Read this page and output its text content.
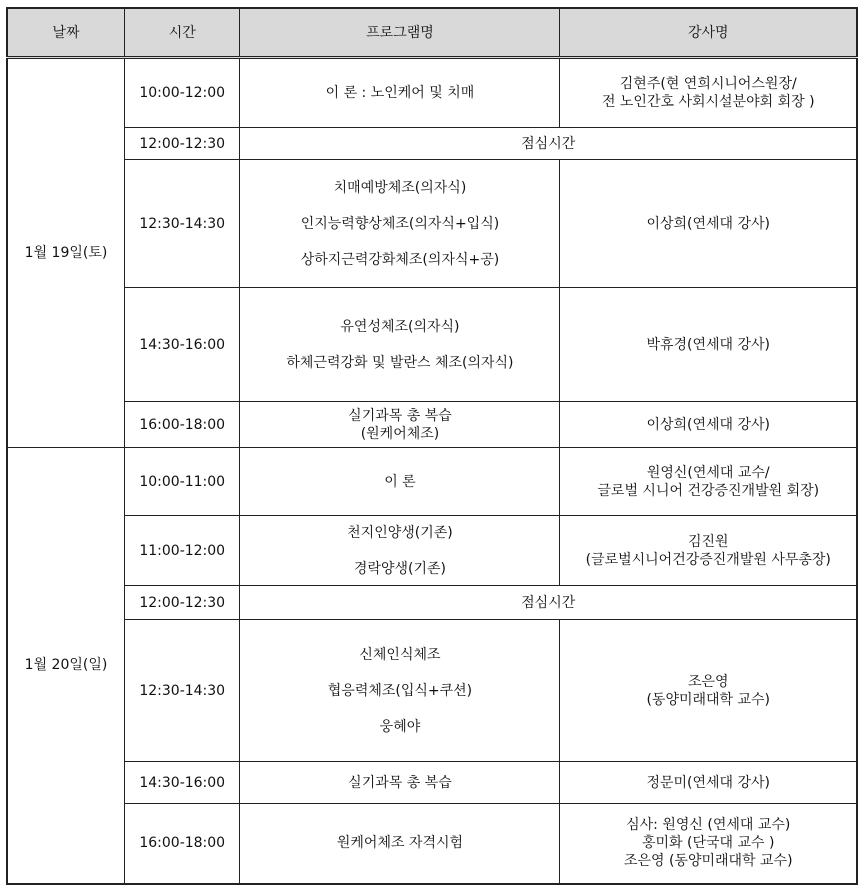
날짜	시간	프로그램명	강사명
1월 19일(토)	10:00-12:00	이 론 : 노인케어 및 치매	김현주(현 연희시니어스원장/
전 노인간호 사회시설분야회 회장 )

	12:00-12:30	점심시간	
	12:30-14:30	치매예방체조(의자식)
인지능력향상체조(의자식+입식)
상하지근력강화체조(의자식+공)	이상희(연세대 강사)

	14:30-16:00	유연성체조(의자식)
하체근력강화 및 발란스 체조(의자식)	박휴경(연세대 강사)

	16:00-18:00	실기과목 총 복습
(원케어체조)	이상희(연세대 강사)

1월 20일(일)	10:00-11:00	이 론	원영신(연세대 교수/
글로벌 시니어 건강증진개발원 회장)

	11:00-12:00	천지인양생(기존)
경락양생(기존)	김진원
(글로벌시니어건강증진개발원 사무총장)

	12:00-12:30	점심시간	
	12:30-14:30	신체인식체조
협응력체조(입식+쿠션)
웅혜야	조은영
(동양미래대학 교수)

	14:30-16:00	실기과목 총 복습	정문미(연세대 강사)

	16:00-18:00	원케어체조 자격시험	심사: 원영신 (연세대 교수)
홍미화 (단국대 교수 )
조은영 (동양미래대학 교수)
